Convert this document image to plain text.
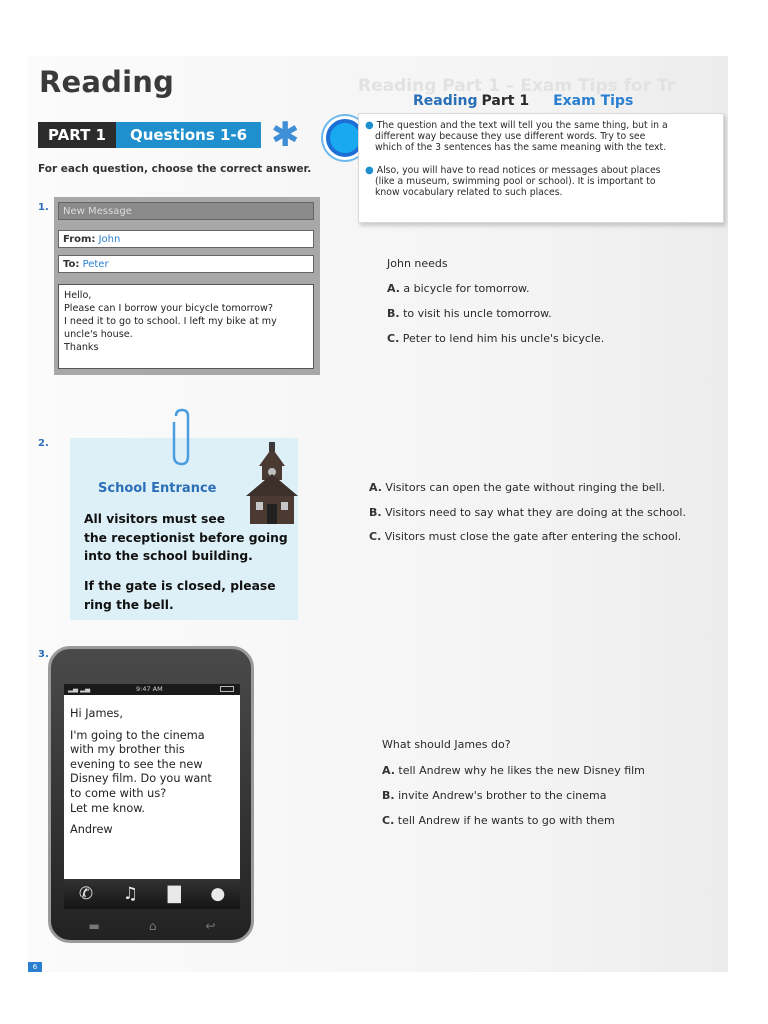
Reading Part 1 – Exam Tips for Tr
Reading
PART 1	Questions 1-6 ✱
For each question, choose the correct answer.
Reading Part 1 Exam Tips
● The question and the text will tell you the same thing, but in a
different way because they use different words. Try to see
which of the 3 sentences has the same meaning with the text.
● Also, you will have to read notices or messages about places
(like a museum, swimming pool or school). It is important to
know vocabulary related to such places.
1.	New Message
From: John
To: Peter
Hello,
Please can I borrow your bicycle tomorrow?
I need it to go to school. I left my bike at my
uncle's house.
Thanks
John needs
A. a bicycle for tomorrow.
B. to visit his uncle tomorrow.
C. Peter to lend him his uncle's bicycle.
2.
School Entrance
All visitors must see
the receptionist before going
into the school building.
If the gate is closed, please
ring the bell.
A. Visitors can open the gate without ringing the bell.
B. Visitors need to say what they are doing at the school.
C. Visitors must close the gate after entering the school.
3.
▂▄ ▂▄	9:47 AM
Hi James,
I'm going to the cinema
with my brother this
evening to see the new
Disney film. Do you want
to come with us?
Let me know.
Andrew
✆ ♫ ▇ ●
▬	⌂	↩
What should James do?
A. tell Andrew why he likes the new Disney film
B. invite Andrew's brother to the cinema
C. tell Andrew if he wants to go with them
6
